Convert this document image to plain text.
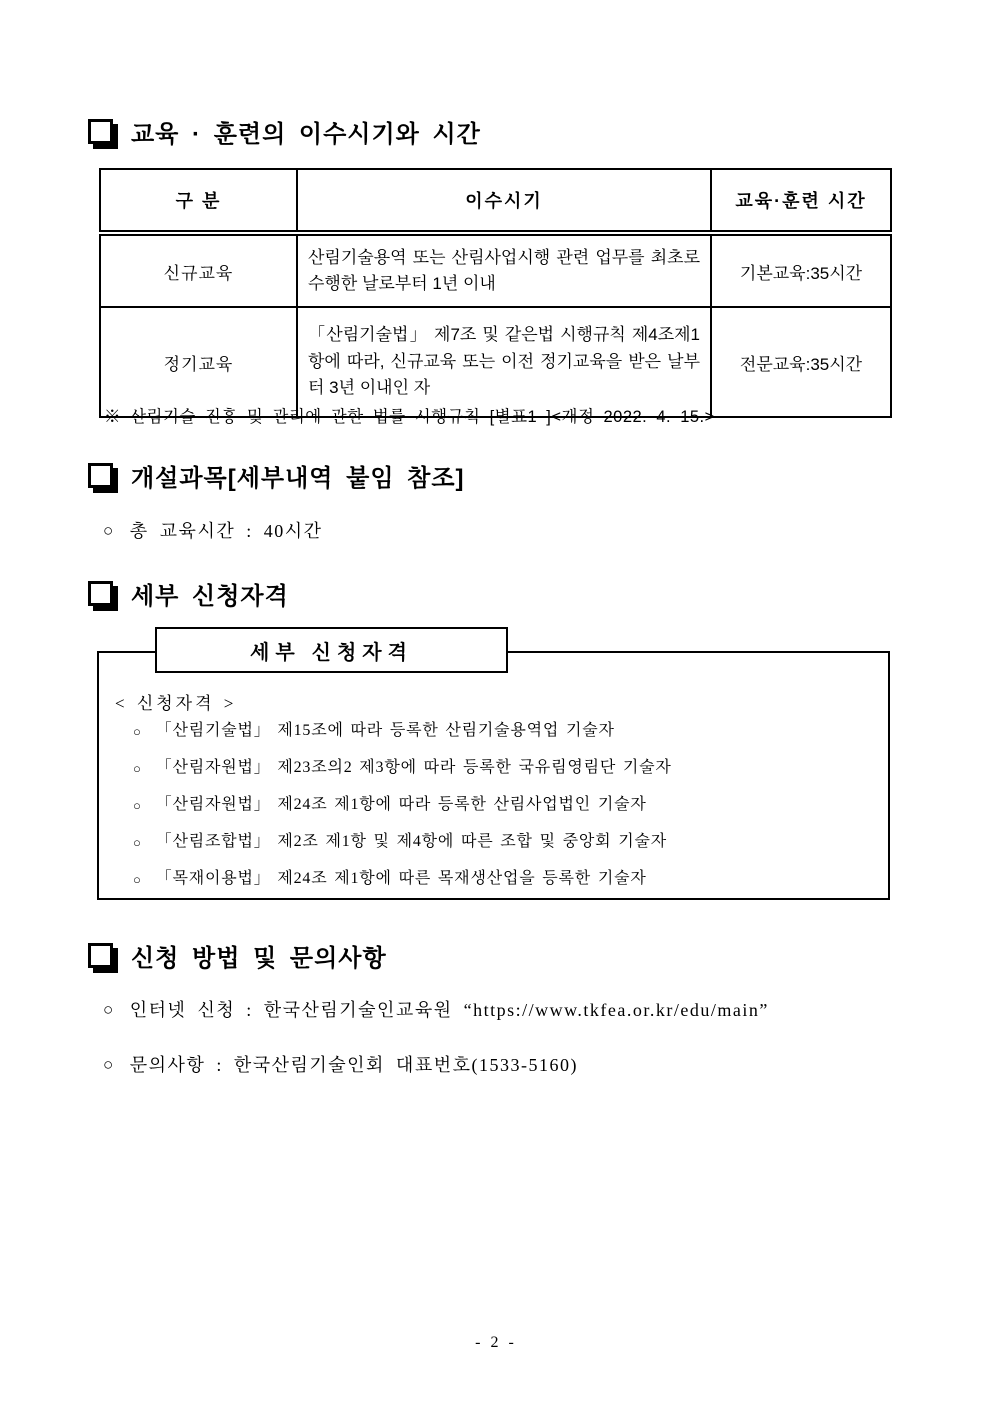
교육 · 훈련의 이수시기와 시간
구 분	이수시기	교육·훈련 시간
신규교육	산림기술용역 또는 산림사업시행 관련 업무를 최초로 수행한 날로부터 1년 이내	기본교육:35시간
정기교육	「산림기술법」 제7조 및 같은법 시행규칙 제4조제1항에 따라, 신규교육 또는 이전 정기교육을 받은 날부터 3년 이내인 자	전문교육:35시간
※ 산림기술 진흥 및 관리에 관한 법률 시행규칙 [별표1 ]<개정 2022. 4. 15.>
개설과목[세부내역 붙임 참조]
○ 총 교육시간 : 40시간
세부 신청자격
세부 신청자격
< 신청자격 >
○ 「산림기술법」 제15조에 따라 등록한 산림기술용역업 기술자
○ 「산림자원법」 제23조의2 제3항에 따라 등록한 국유림영림단 기술자
○ 「산림자원법」 제24조 제1항에 따라 등록한 산림사업법인 기술자
○ 「산림조합법」 제2조 제1항 및 제4항에 따른 조합 및 중앙회 기술자
○ 「목재이용법」 제24조 제1항에 따른 목재생산업을 등록한 기술자
신청 방법 및 문의사항
○ 인터넷 신청 : 한국산림기술인교육원 “https://www.tkfea.or.kr/edu/main”
○ 문의사항 : 한국산림기술인회 대표번호(1533-5160)
- 2 -
